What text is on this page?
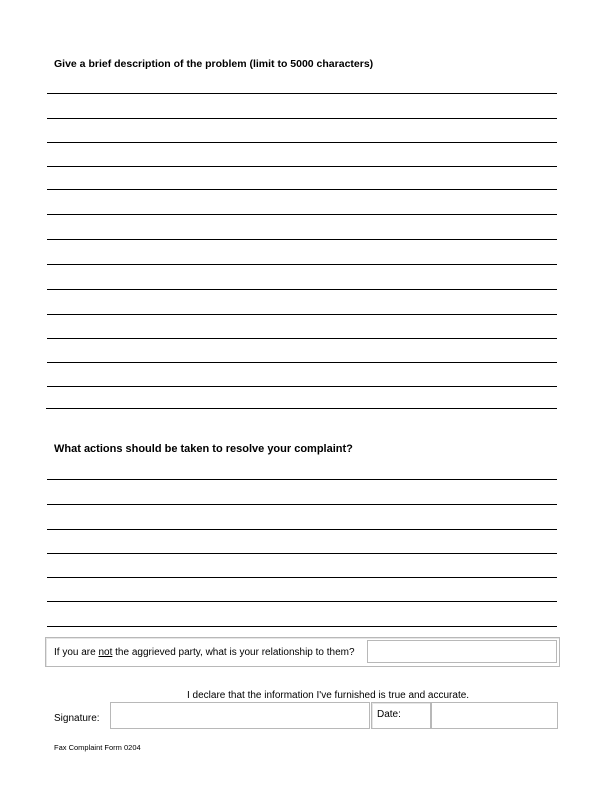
Give a brief description of the problem (limit to 5000 characters)
What actions should be taken to resolve your complaint?
If you are not the aggrieved party, what is your relationship to them?
I declare that the information I've furnished is true and accurate.
Signature:	Date:
Fax Complaint Form 0204
